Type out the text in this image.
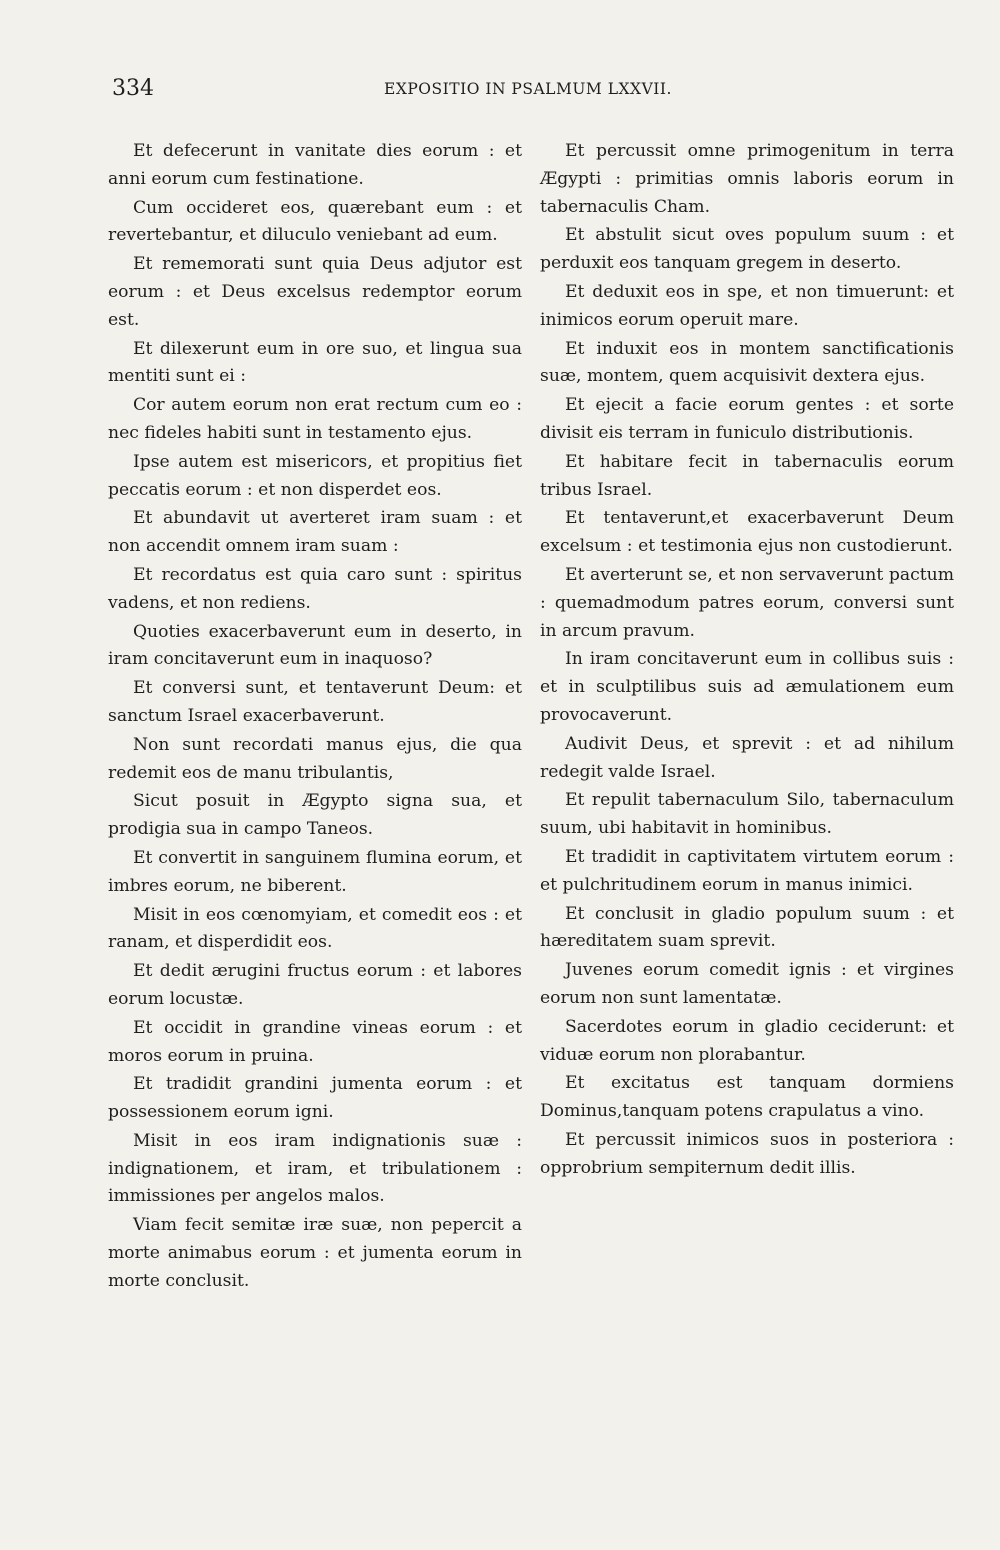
334	EXPOSITIO IN PSALMUM LXXVII.

Et defecerunt in vanitate dies eorum : et anni eorum cum festinatione.

Cum occideret eos, quærebant eum : et revertebantur, et diluculo veniebant ad eum.

Et rememorati sunt quia Deus adjutor est eorum : et Deus excelsus redemptor eorum est.

Et dilexerunt eum in ore suo, et lingua sua mentiti sunt ei :

Cor autem eorum non erat rectum cum eo : nec fideles habiti sunt in testamento ejus.

Ipse autem est misericors, et propitius fiet peccatis eorum : et non disperdet eos.

Et abundavit ut averteret iram suam : et non accendit omnem iram suam :

Et recordatus est quia caro sunt : spiritus vadens, et non rediens.

Quoties exacerbaverunt eum in deserto, in iram concitaverunt eum in inaquoso?

Et conversi sunt, et tentaverunt Deum: et sanctum Israel exacerbaverunt.

Non sunt recordati manus ejus, die qua redemit eos de manu tribulantis,

Sicut posuit in Ægypto signa sua, et prodigia sua in campo Taneos.

Et convertit in sanguinem flumina eorum, et imbres eorum, ne biberent.

Misit in eos cœnomyiam, et comedit eos : et ranam, et disperdidit eos.

Et dedit ærugini fructus eorum : et labores eorum locustæ.

Et occidit in grandine vineas eorum : et moros eorum in pruina.

Et tradidit grandini jumenta eorum : et possessionem eorum igni.

Misit in eos iram indignationis suæ : indignationem, et iram, et tribulationem : immissiones per angelos malos.

Viam fecit semitæ iræ suæ, non pepercit a morte animabus eorum : et jumenta eorum in morte conclusit.

Et percussit omne primogenitum in terra Ægypti : primitias omnis laboris eorum in tabernaculis Cham.

Et abstulit sicut oves populum suum : et perduxit eos tanquam gregem in deserto.

Et deduxit eos in spe, et non timuerunt: et inimicos eorum operuit mare.

Et induxit eos in montem sanctificationis suæ, montem, quem acquisivit dextera ejus.

Et ejecit a facie eorum gentes : et sorte divisit eis terram in funiculo distributionis.

Et habitare fecit in tabernaculis eorum tribus Israel.

Et tentaverunt,et exacerbaverunt Deum excelsum : et testimonia ejus non custodierunt.

Et averterunt se, et non servaverunt pactum : quemadmodum patres eorum, conversi sunt in arcum pravum.

In iram concitaverunt eum in collibus suis : et in sculptilibus suis ad æmulationem eum provocaverunt.

Audivit Deus, et sprevit : et ad nihilum redegit valde Israel.

Et repulit tabernaculum Silo, tabernaculum suum, ubi habitavit in hominibus.

Et tradidit in captivitatem virtutem eorum : et pulchritudinem eorum in manus inimici.

Et conclusit in gladio populum suum : et hæreditatem suam sprevit.

Juvenes eorum comedit ignis : et virgines eorum non sunt lamentatæ.

Sacerdotes eorum in gladio ceciderunt: et viduæ eorum non plorabantur.

Et excitatus est tanquam dormiens Dominus,tanquam potens crapulatus a vino.

Et percussit inimicos suos in posteriora : opprobrium sempiternum dedit illis.
